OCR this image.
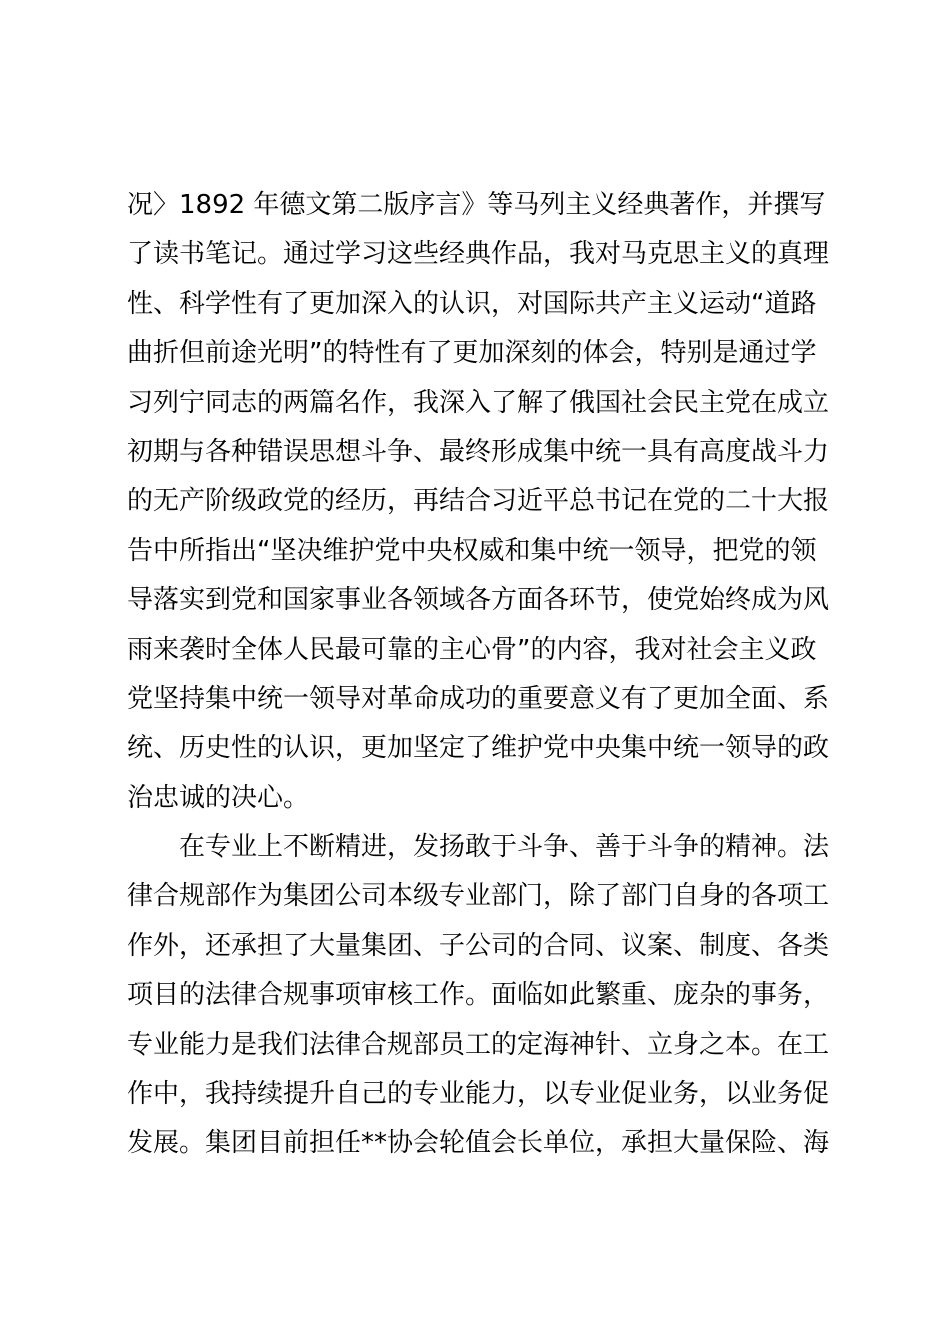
况〉1892 年德文第二版序言》等马列主义经典著作，并撰写
了读书笔记。通过学习这些经典作品，我对马克思主义的真理
性、科学性有了更加深入的认识，对国际共产主义运动“道路
曲折但前途光明”的特性有了更加深刻的体会，特别是通过学
习列宁同志的两篇名作，我深入了解了俄国社会民主党在成立
初期与各种错误思想斗争、最终形成集中统一具有高度战斗力
的无产阶级政党的经历，再结合习近平总书记在党的二十大报
告中所指出“坚决维护党中央权威和集中统一领导，把党的领
导落实到党和国家事业各领域各方面各环节，使党始终成为风
雨来袭时全体人民最可靠的主心骨”的内容，我对社会主义政
党坚持集中统一领导对革命成功的重要意义有了更加全面、系
统、历史性的认识，更加坚定了维护党中央集中统一领导的政
治忠诚的决心。
在专业上不断精进，发扬敢于斗争、善于斗争的精神。法
律合规部作为集团公司本级专业部门，除了部门自身的各项工
作外，还承担了大量集团、子公司的合同、议案、制度、各类
项目的法律合规事项审核工作。面临如此繁重、庞杂的事务，
专业能力是我们法律合规部员工的定海神针、立身之本。在工
作中，我持续提升自己的专业能力，以专业促业务，以业务促
发展。集团目前担任**协会轮值会长单位，承担大量保险、海
